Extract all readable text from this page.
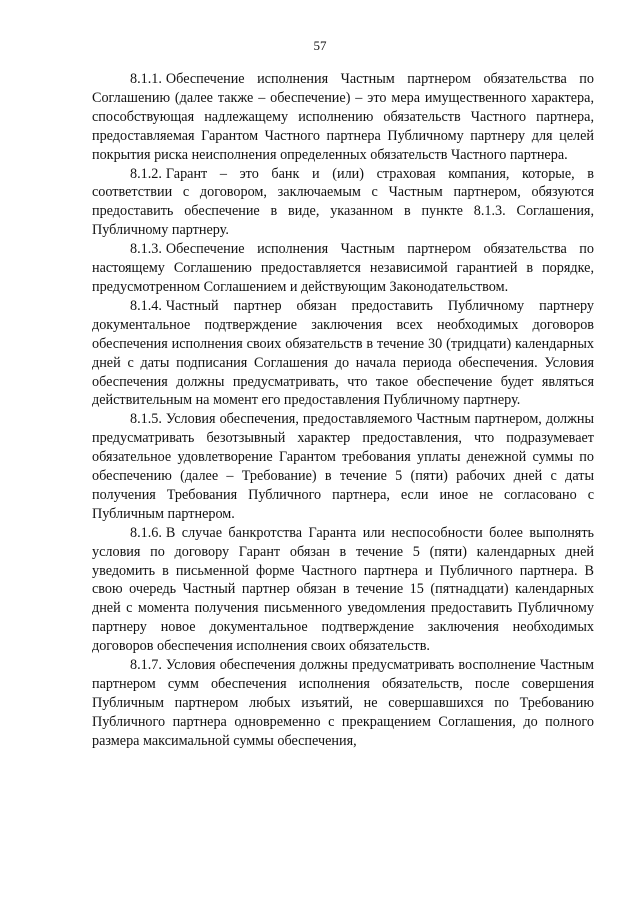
57

8.1.1. Обеспечение исполнения Частным партнером обязательства по Соглашению (далее также – обеспечение) – это мера имущественного характера, способствующая надлежащему исполнению обязательств Частного партнера, предоставляемая Гарантом Частного партнера Публичному партнеру для целей покрытия риска неисполнения определенных обязательств Частного партнера.

8.1.2. Гарант – это банк и (или) страховая компания, которые, в соответствии с договором, заключаемым с Частным партнером, обязуются предоставить обеспечение в виде, указанном в пункте 8.1.3. Соглашения, Публичному партнеру.

8.1.3. Обеспечение исполнения Частным партнером обязательства по настоящему Соглашению предоставляется независимой гарантией в порядке, предусмотренном Соглашением и действующим Законодательством.

8.1.4. Частный партнер обязан предоставить Публичному партнеру документальное подтверждение заключения всех необходимых договоров обеспечения исполнения своих обязательств в течение 30 (тридцати) календарных дней с даты подписания Соглашения до начала периода обеспечения. Условия обеспечения должны предусматривать, что такое обеспечение будет являться действительным на момент его предоставления Публичному партнеру.

8.1.5. Условия обеспечения, предоставляемого Частным партнером, должны предусматривать безотзывный характер предоставления, что подразумевает обязательное удовлетворение Гарантом требования уплаты денежной суммы по обеспечению (далее – Требование) в течение 5 (пяти) рабочих дней с даты получения Требования Публичного партнера, если иное не согласовано с Публичным партнером.

8.1.6. В случае банкротства Гаранта или неспособности более выполнять условия по договору Гарант обязан в течение 5 (пяти) календарных дней уведомить в письменной форме Частного партнера и Публичного партнера. В свою очередь Частный партнер обязан в течение 15 (пятнадцати) календарных дней с момента получения письменного уведомления предоставить Публичному партнеру новое документальное подтверждение заключения необходимых договоров обеспечения исполнения своих обязательств.

8.1.7. Условия обеспечения должны предусматривать восполнение Частным партнером сумм обеспечения исполнения обязательств, после совершения Публичным партнером любых изъятий, не совершавшихся по Требованию Публичного партнера одновременно с прекращением Соглашения, до полного размера максимальной суммы обеспечения,
